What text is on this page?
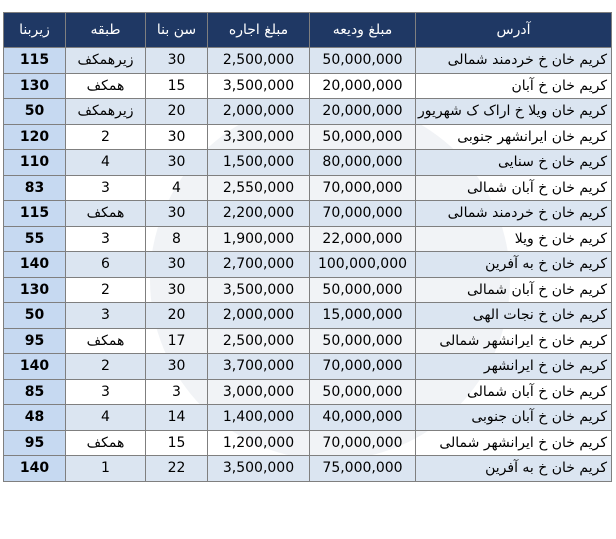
آدرس	مبلغ ودیعه	مبلغ اجاره	سن بنا	طبقه	زیربنا
کریم خان خ خردمند شمالی	50,000,000	2,500,000	30	زیرهمکف	115
کریم خان خ آبان	20,000,000	3,500,000	15	همکف	130
کریم خان ویلا خ اراک ک شهریور	20,000,000	2,000,000	20	زیرهمکف	50
کریم خان ایرانشهر جنوبی	50,000,000	3,300,000	30	2	120
کریم خان خ سنایی	80,000,000	1,500,000	30	4	110
کریم خان خ آبان شمالی	70,000,000	2,550,000	4	3	83
کریم خان خ خردمند شمالی	70,000,000	2,200,000	30	همکف	115
کریم خان خ ویلا	22,000,000	1,900,000	8	3	55
کریم خان خ به آفرین	100,000,000	2,700,000	30	6	140
کریم خان خ آبان شمالی	50,000,000	3,500,000	30	2	130
کریم خان خ نجات الهی	15,000,000	2,000,000	20	3	50
کریم خان خ ایرانشهر شمالی	50,000,000	2,500,000	17	همکف	95
کریم خان خ ایرانشهر	70,000,000	3,700,000	30	2	140
کریم خان خ آبان شمالی	50,000,000	3,000,000	3	3	85
کریم خان خ آبان جنوبی	40,000,000	1,400,000	14	4	48
کریم خان خ ایرانشهر شمالی	70,000,000	1,200,000	15	همکف	95
کریم خان خ به آفرین	75,000,000	3,500,000	22	1	140
